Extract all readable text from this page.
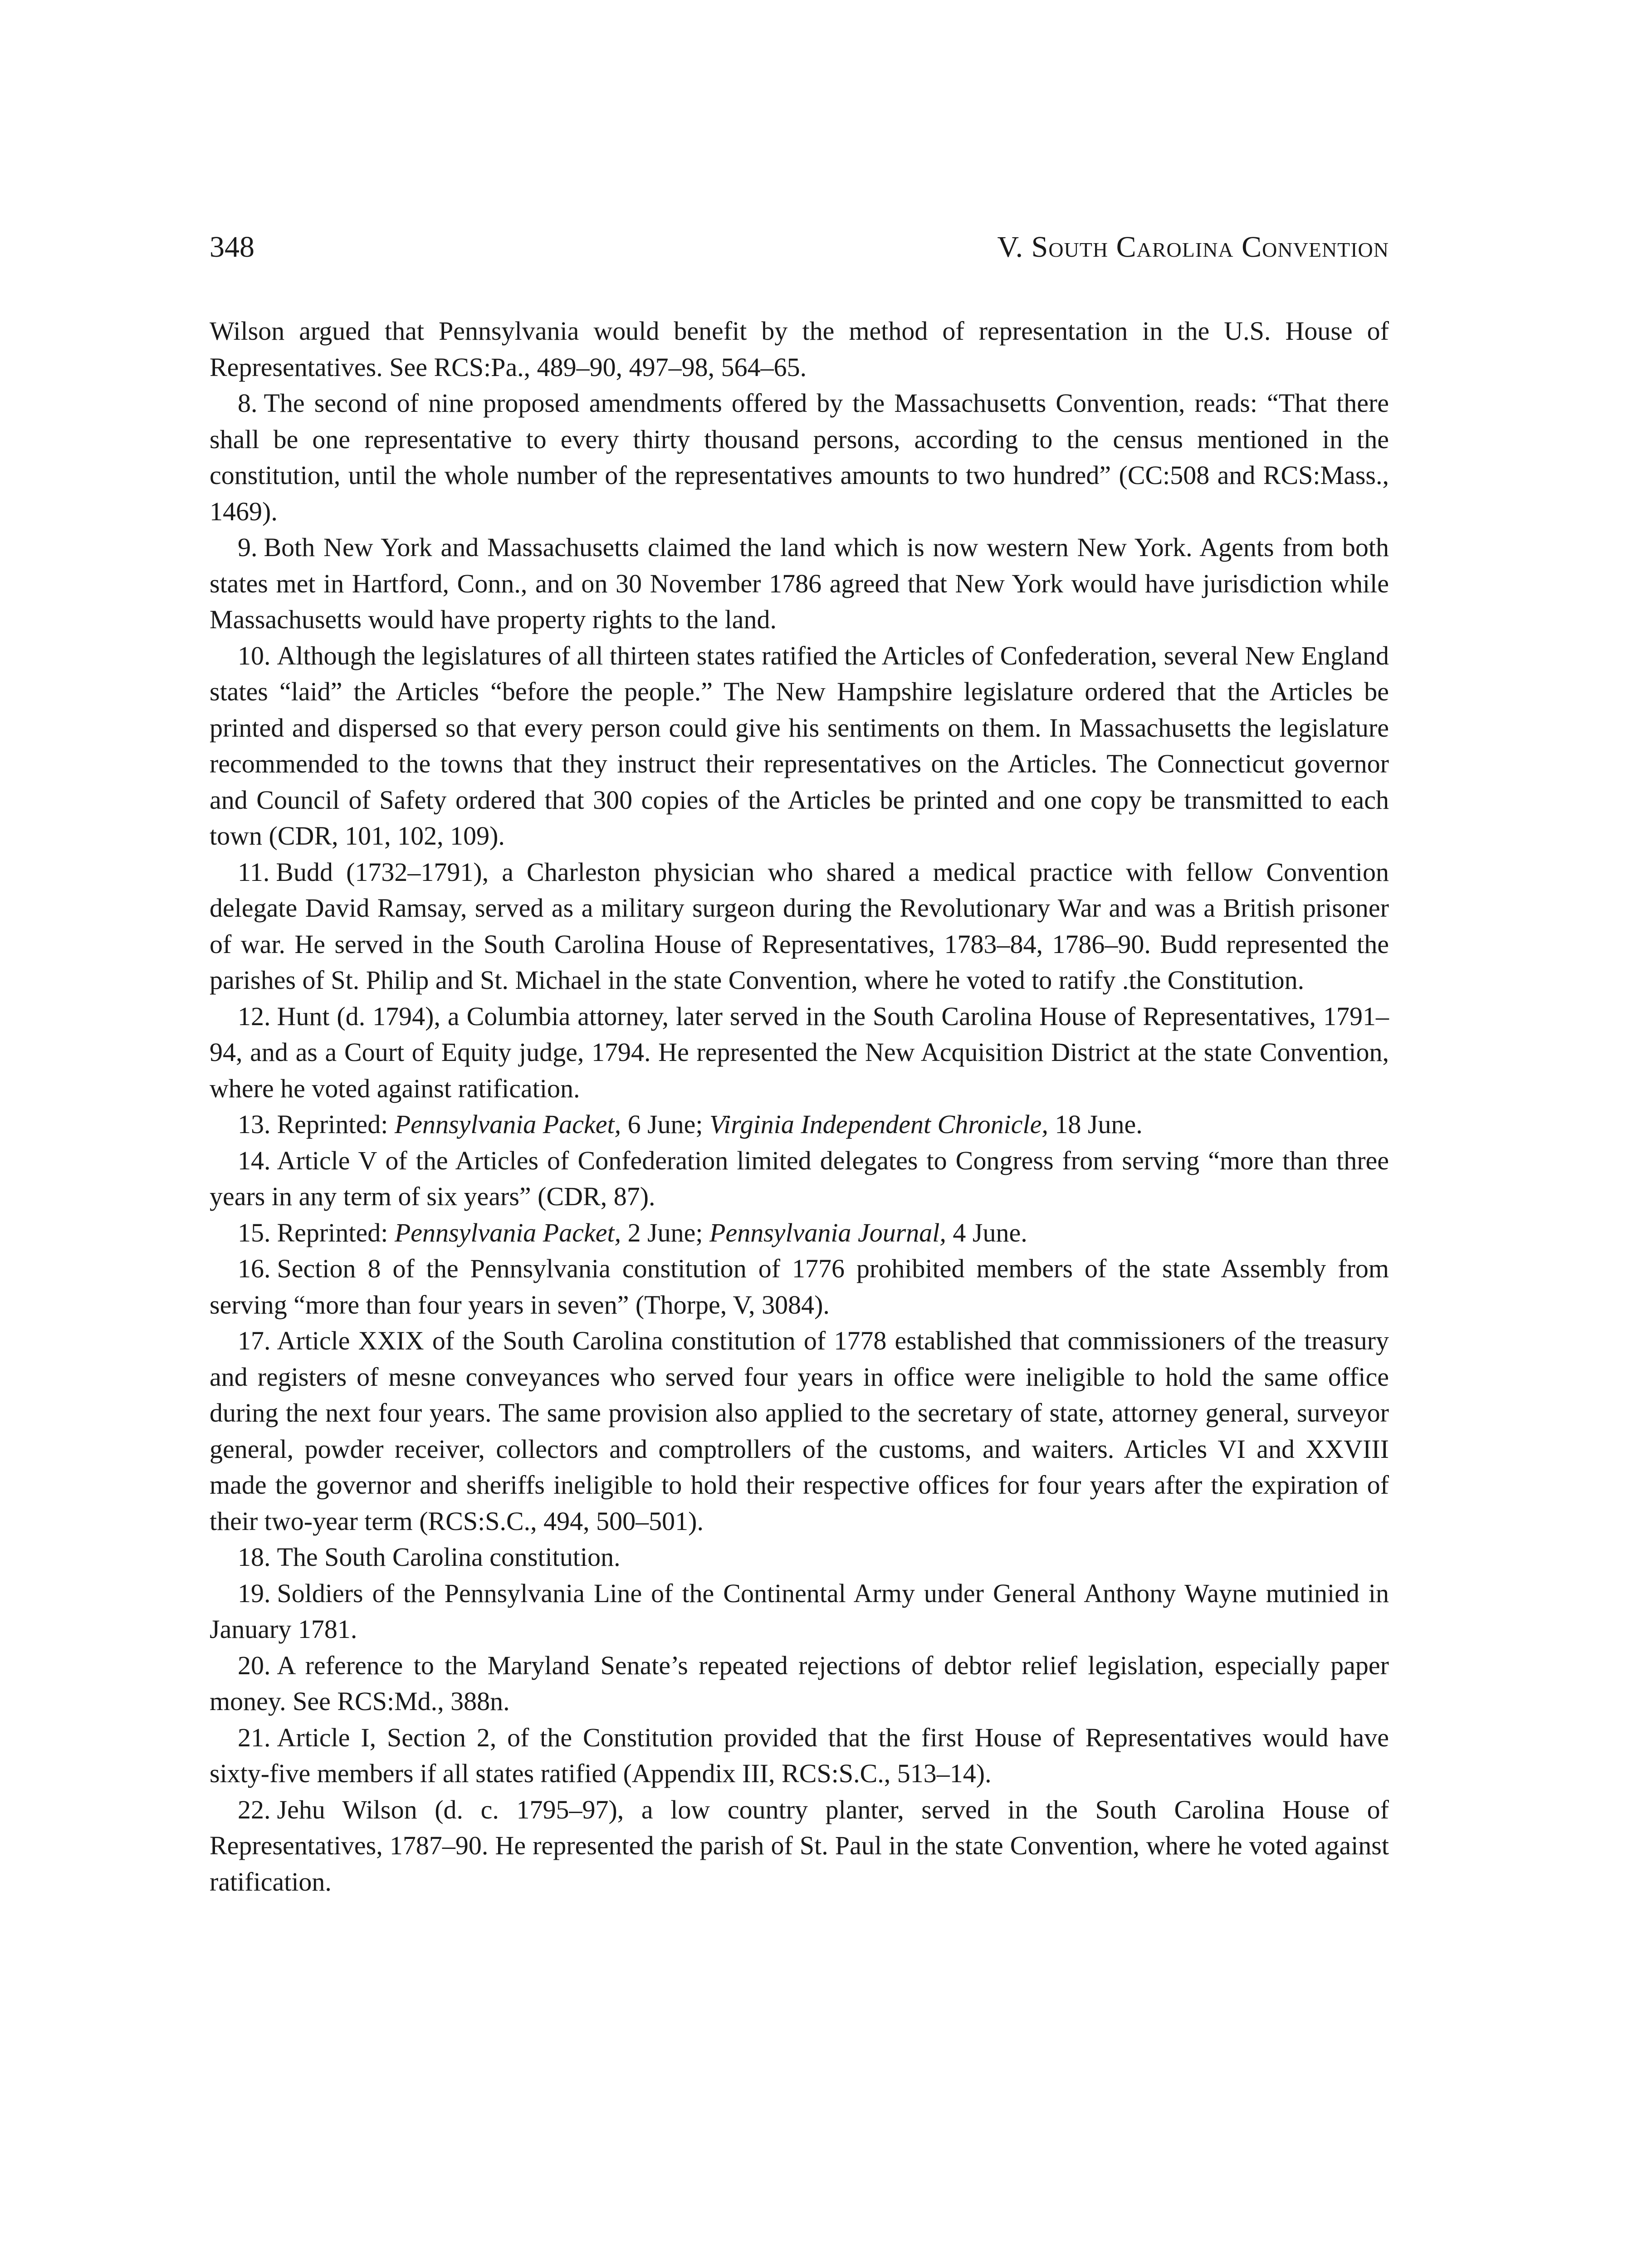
348	V. South Carolina Convention

Wilson argued that Pennsylvania would benefit by the method of representation in the U.S. House of Representatives. See RCS:Pa., 489–90, 497–98, 564–65.

8. The second of nine proposed amendments offered by the Massachusetts Convention, reads: “That there shall be one representative to every thirty thousand persons, according to the census mentioned in the constitution, until the whole number of the representatives amounts to two hundred” (CC:508 and RCS:Mass., 1469).

9. Both New York and Massachusetts claimed the land which is now western New York. Agents from both states met in Hartford, Conn., and on 30 November 1786 agreed that New York would have jurisdiction while Massachusetts would have property rights to the land.

10. Although the legislatures of all thirteen states ratified the Articles of Confederation, several New England states “laid” the Articles “before the people.” The New Hampshire legislature ordered that the Articles be printed and dispersed so that every person could give his sentiments on them. In Massachusetts the legislature recommended to the towns that they instruct their representatives on the Articles. The Connecticut governor and Council of Safety ordered that 300 copies of the Articles be printed and one copy be transmitted to each town (CDR, 101, 102, 109).

11. Budd (1732–1791), a Charleston physician who shared a medical practice with fellow Convention delegate David Ramsay, served as a military surgeon during the Revolutionary War and was a British prisoner of war. He served in the South Carolina House of Representatives, 1783–84, 1786–90. Budd represented the parishes of St. Philip and St. Michael in the state Convention, where he voted to ratify .the Constitution.

12. Hunt (d. 1794), a Columbia attorney, later served in the South Carolina House of Representatives, 1791–94, and as a Court of Equity judge, 1794. He represented the New Acquisition District at the state Convention, where he voted against ratification.

13. Reprinted: Pennsylvania Packet, 6 June; Virginia Independent Chronicle, 18 June.

14. Article V of the Articles of Confederation limited delegates to Congress from serving “more than three years in any term of six years” (CDR, 87).

15. Reprinted: Pennsylvania Packet, 2 June; Pennsylvania Journal, 4 June.

16. Section 8 of the Pennsylvania constitution of 1776 prohibited members of the state Assembly from serving “more than four years in seven” (Thorpe, V, 3084).

17. Article XXIX of the South Carolina constitution of 1778 established that commissioners of the treasury and registers of mesne conveyances who served four years in office were ineligible to hold the same office during the next four years. The same provision also applied to the secretary of state, attorney general, surveyor general, powder receiver, collectors and comptrollers of the customs, and waiters. Articles VI and XXVIII made the governor and sheriffs ineligible to hold their respective offices for four years after the expiration of their two-year term (RCS:S.C., 494, 500–501).

18. The South Carolina constitution.

19. Soldiers of the Pennsylvania Line of the Continental Army under General Anthony Wayne mutinied in January 1781.

20. A reference to the Maryland Senate’s repeated rejections of debtor relief legislation, especially paper money. See RCS:Md., 388n.

21. Article I, Section 2, of the Constitution provided that the first House of Representatives would have sixty-five members if all states ratified (Appendix III, RCS:S.C., 513–14).

22. Jehu Wilson (d. c. 1795–97), a low country planter, served in the South Carolina House of Representatives, 1787–90. He represented the parish of St. Paul in the state Convention, where he voted against ratification.
